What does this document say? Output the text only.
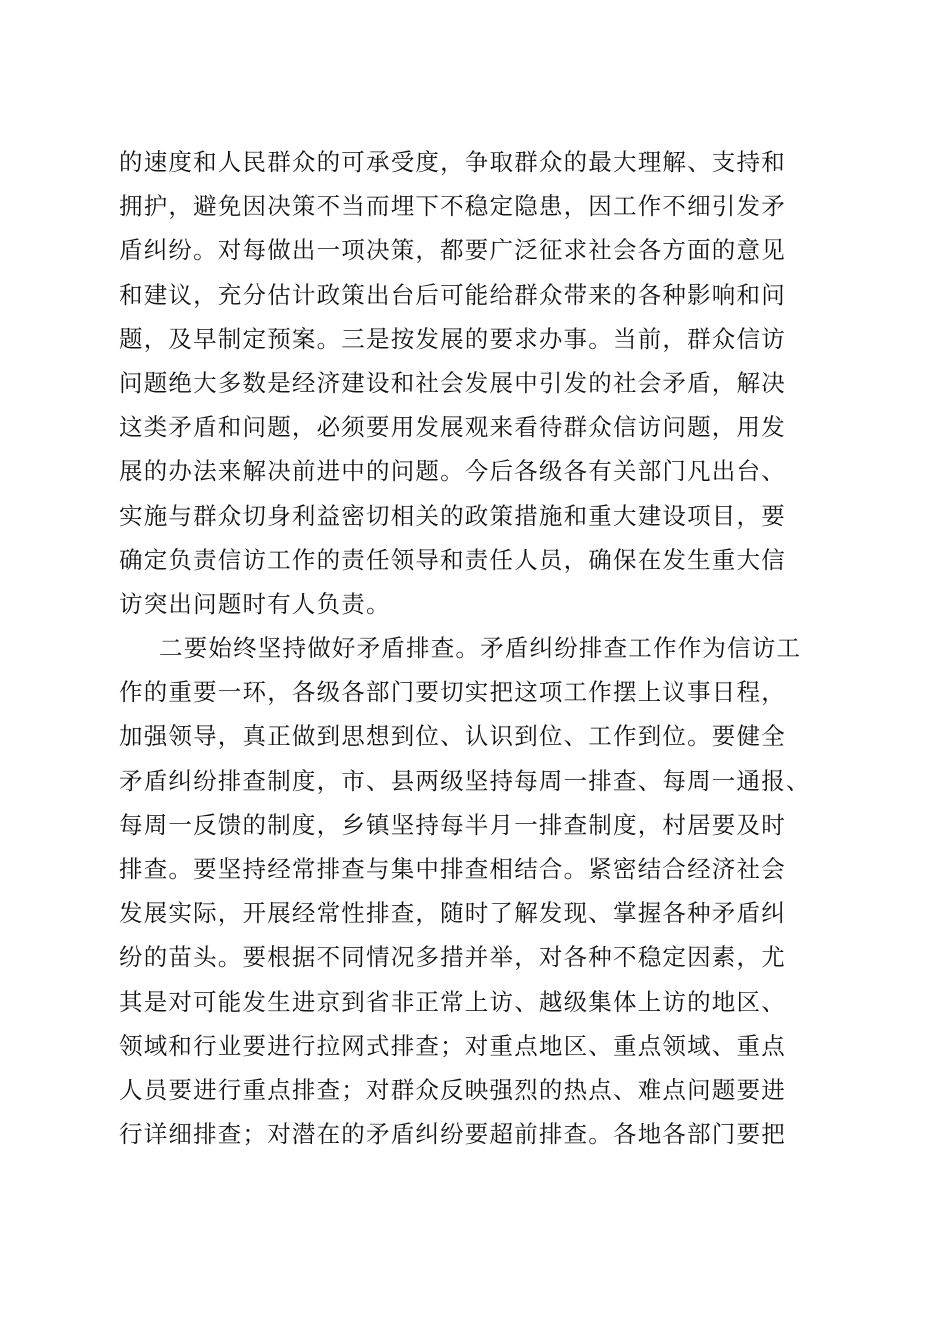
的速度和人民群众的可承受度，争取群众的最大理解、支持和
拥护，避免因决策不当而埋下不稳定隐患，因工作不细引发矛
盾纠纷。对每做出一项决策，都要广泛征求社会各方面的意见
和建议，充分估计政策出台后可能给群众带来的各种影响和问
题，及早制定预案。三是按发展的要求办事。当前，群众信访
问题绝大多数是经济建设和社会发展中引发的社会矛盾，解决
这类矛盾和问题，必须要用发展观来看待群众信访问题，用发
展的办法来解决前进中的问题。今后各级各有关部门凡出台、
实施与群众切身利益密切相关的政策措施和重大建设项目，要
确定负责信访工作的责任领导和责任人员，确保在发生重大信
访突出问题时有人负责。
二要始终坚持做好矛盾排查。矛盾纠纷排查工作作为信访工
作的重要一环，各级各部门要切实把这项工作摆上议事日程，
加强领导，真正做到思想到位、认识到位、工作到位。要健全
矛盾纠纷排查制度，市、县两级坚持每周一排查、每周一通报、
每周一反馈的制度，乡镇坚持每半月一排查制度，村居要及时
排查。要坚持经常排查与集中排查相结合。紧密结合经济社会
发展实际，开展经常性排查，随时了解发现、掌握各种矛盾纠
纷的苗头。要根据不同情况多措并举，对各种不稳定因素，尤
其是对可能发生进京到省非正常上访、越级集体上访的地区、
领域和行业要进行拉网式排查；对重点地区、重点领域、重点
人员要进行重点排查；对群众反映强烈的热点、难点问题要进
行详细排查；对潜在的矛盾纠纷要超前排查。各地各部门要把
